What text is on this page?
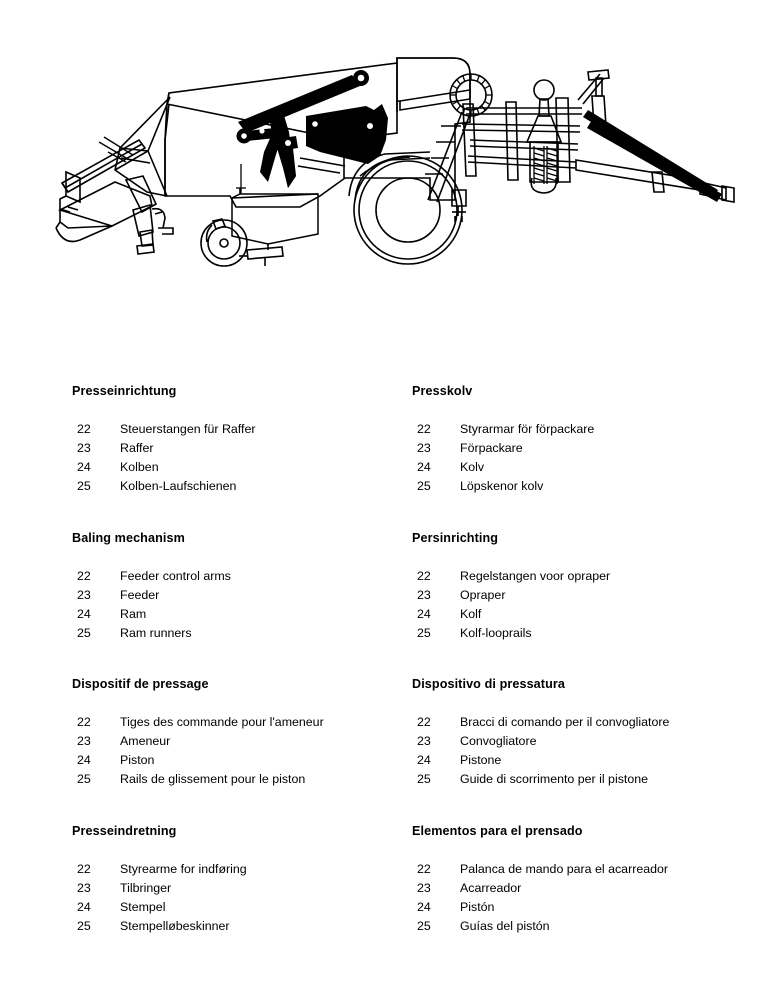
Presseinrichtung
22 Steuerstangen für Raffer
23 Raffer
24 Kolben
25 Kolben-Laufschienen
Baling mechanism
22 Feeder control arms
23 Feeder
24 Ram
25 Ram runners
Dispositif de pressage
22 Tiges des commande pour l'ameneur
23 Ameneur
24 Piston
25 Rails de glissement pour le piston
Presseindretning
22 Styrearme for indføring
23 Tilbringer
24 Stempel
25 Stempelløbeskinner
Presskolv
22 Styrarmar för förpackare
23 Förpackare
24 Kolv
25 Löpskenor kolv
Persinrichting
22 Regelstangen voor opraper
23 Opraper
24 Kolf
25 Kolf-looprails
Dispositivo di pressatura
22 Bracci di comando per il convogliatore
23 Convogliatore
24 Pistone
25 Guide di scorrimento per il pistone
Elementos para el prensado
22 Palanca de mando para el acarreador
23 Acarreador
24 Pistón
25 Guías del pistón
